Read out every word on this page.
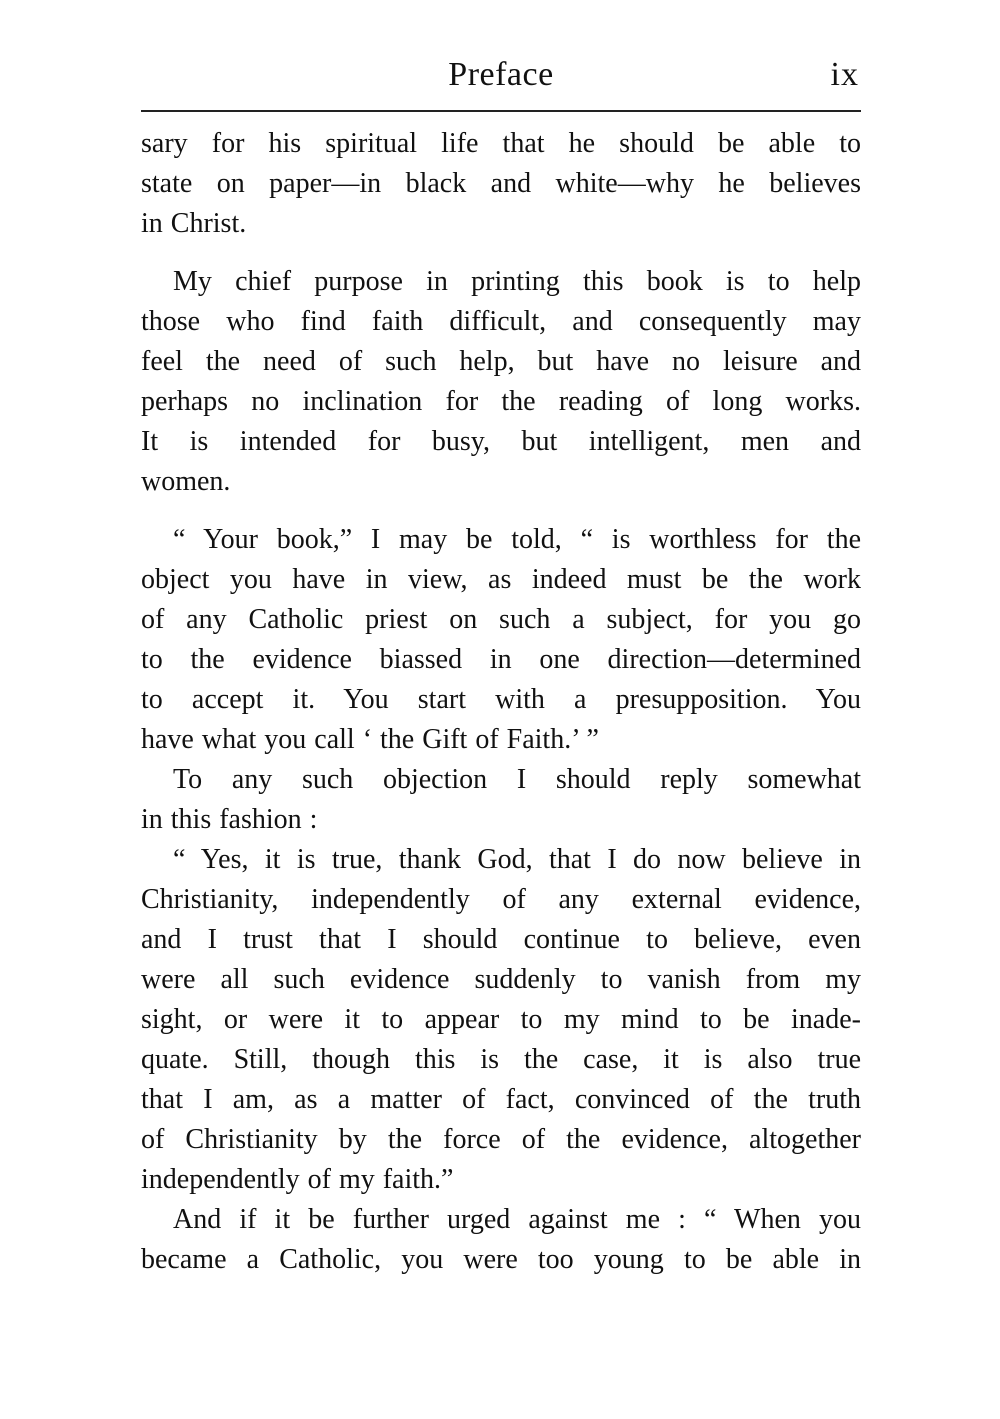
Preface	ix
sary for his spiritual life that he should be able to
state on paper—in black and white—why he believes
in Christ.
My chief purpose in printing this book is to help
those who find faith difficult, and consequently may
feel the need of such help, but have no leisure and
perhaps no inclination for the reading of long works.
It is intended for busy, but intelligent, men and
women.
“ Your book,” I may be told, “ is worthless for the
object you have in view, as indeed must be the work
of any Catholic priest on such a subject, for you go
to the evidence biassed in one direction—determined
to accept it. You start with a presupposition. You
have what you call ‘ the Gift of Faith.’ ”
To any such objection I should reply somewhat
in this fashion :
“ Yes, it is true, thank God, that I do now believe in
Christianity, independently of any external evidence,
and I trust that I should continue to believe, even
were all such evidence suddenly to vanish from my
sight, or were it to appear to my mind to be inade-
quate. Still, though this is the case, it is also true
that I am, as a matter of fact, convinced of the truth
of Christianity by the force of the evidence, altogether
independently of my faith.”
And if it be further urged against me : “ When you
became a Catholic, you were too young to be able in
